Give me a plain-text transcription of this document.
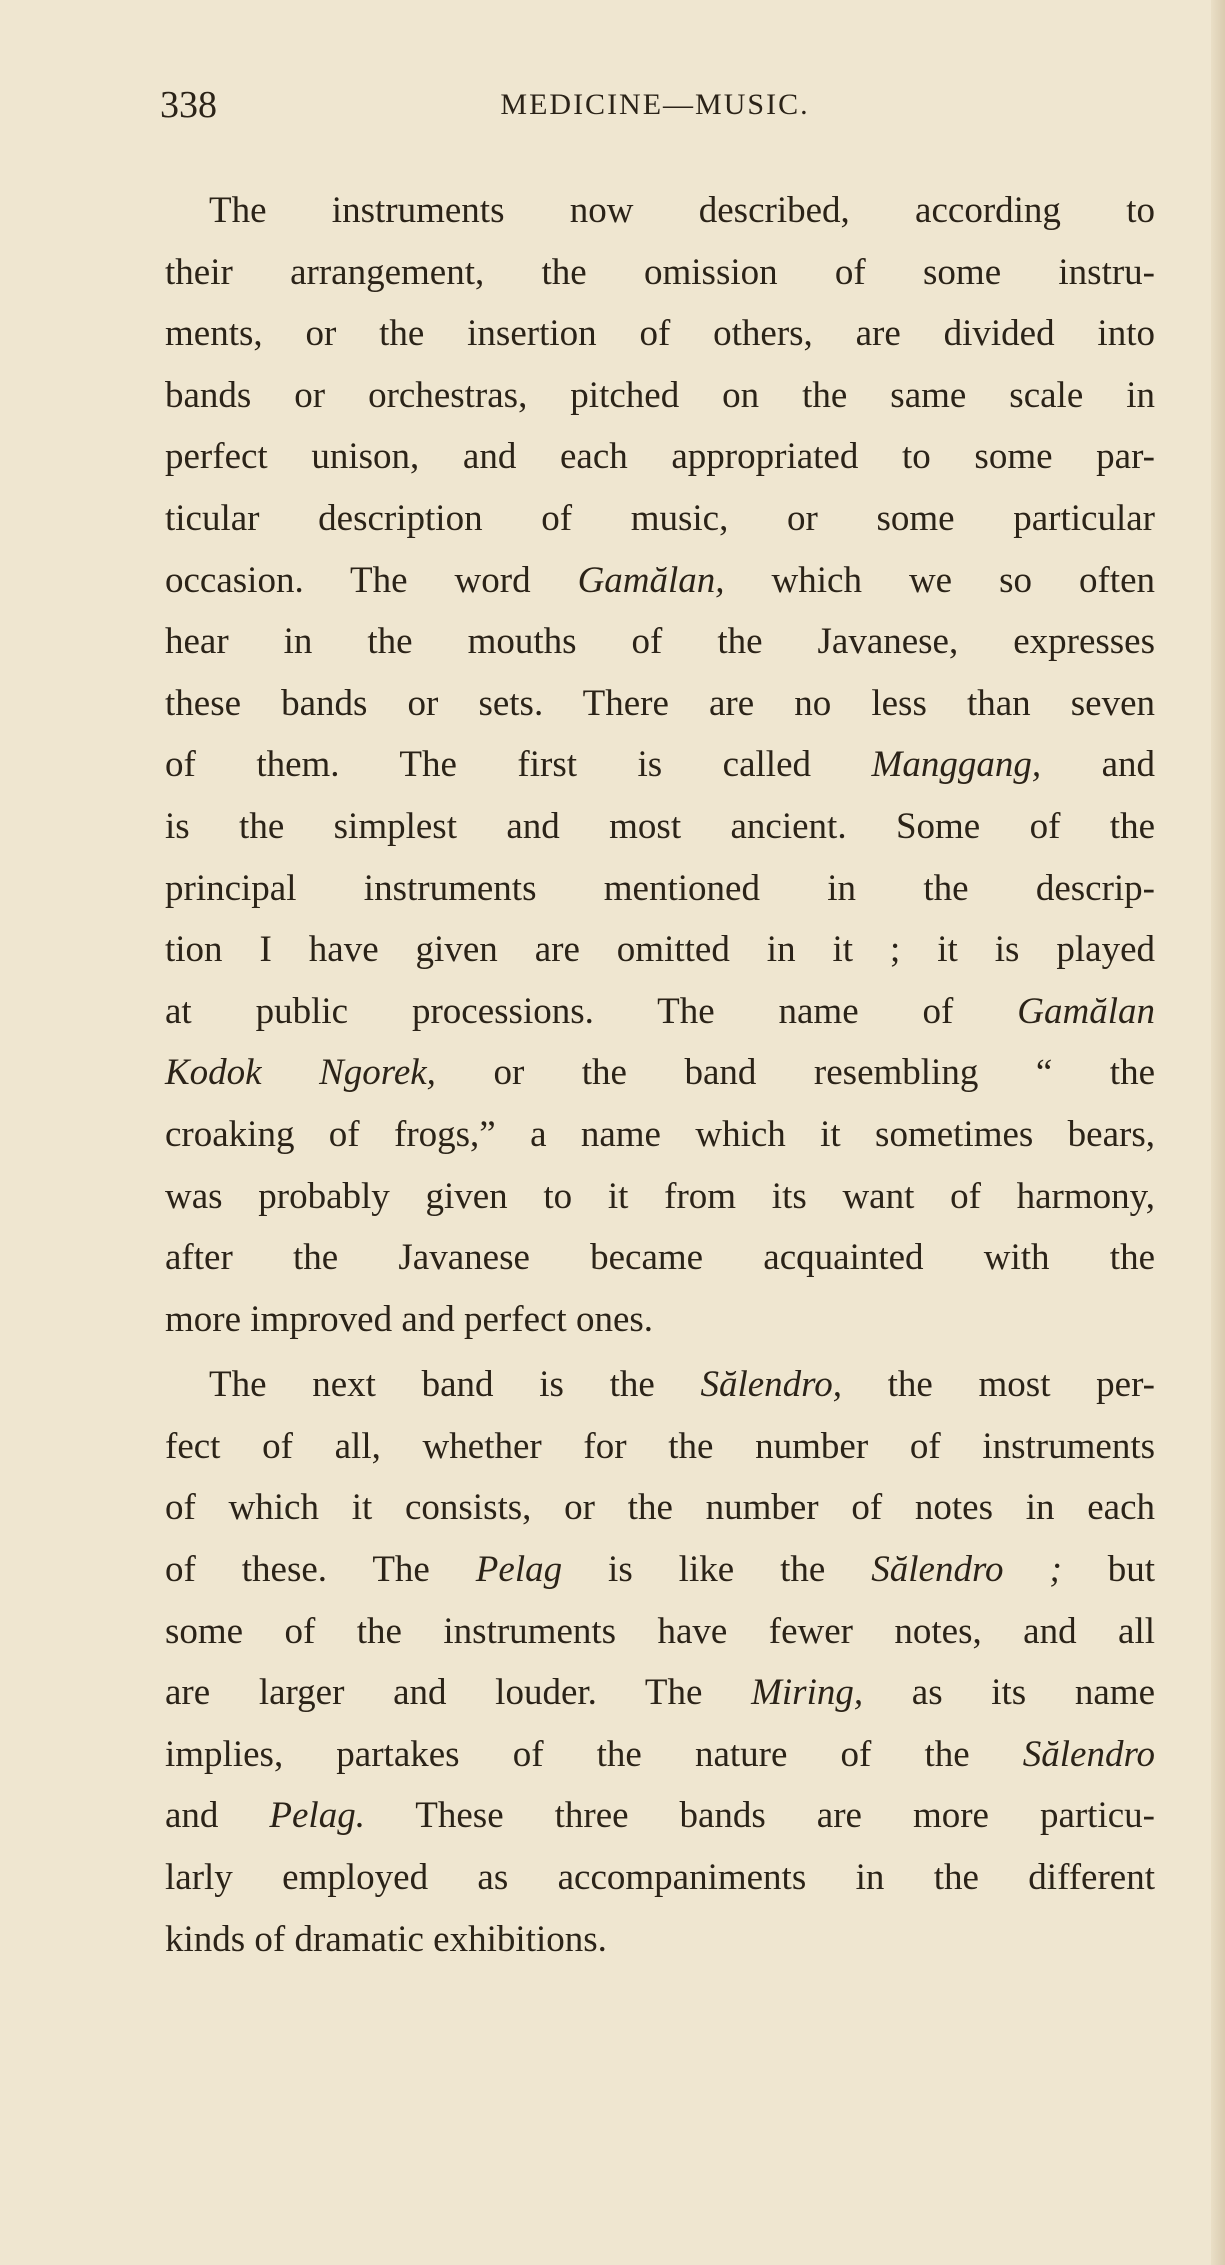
338	MEDICINE—MUSIC.
The instruments now described, according to
their arrangement, the omission of some instru-
ments, or the insertion of others, are divided into
bands or orchestras, pitched on the same scale in
perfect unison, and each appropriated to some par-
ticular description of music, or some particular
occasion. The word Gamălan, which we so often
hear in the mouths of the Javanese, expresses
these bands or sets. There are no less than seven
of them. The first is called Manggang, and
is the simplest and most ancient. Some of the
principal instruments mentioned in the descrip-
tion I have given are omitted in it ; it is played
at public processions. The name of Gamălan
Kodok Ngorek, or the band resembling “ the
croaking of frogs,” a name which it sometimes bears,
was probably given to it from its want of harmony,
after the Javanese became acquainted with the
more improved and perfect ones.
The next band is the Sălendro, the most per-
fect of all, whether for the number of instruments
of which it consists, or the number of notes in each
of these. The Pelag is like the Sălendro ; but
some of the instruments have fewer notes, and all
are larger and louder. The Miring, as its name
implies, partakes of the nature of the Sălendro
and Pelag. These three bands are more particu-
larly employed as accompaniments in the different
kinds of dramatic exhibitions.
